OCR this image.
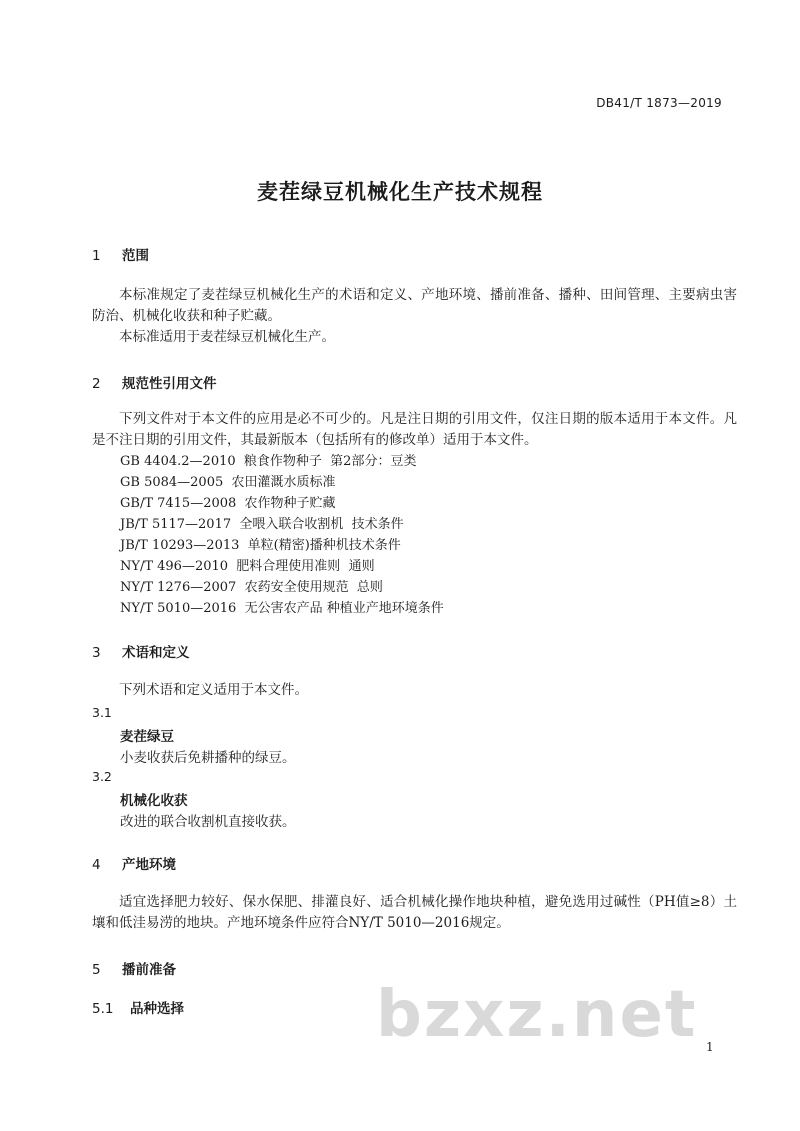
DB41/T 1873—2019
麦茬绿豆机械化生产技术规程
1 范围
本标准规定了麦茬绿豆机械化生产的术语和定义、产地环境、播前准备、播种、田间管理、主要病虫害防治、机械化收获和种子贮藏。
本标准适用于麦茬绿豆机械化生产。
2 规范性引用文件
下列文件对于本文件的应用是必不可少的。凡是注日期的引用文件，仅注日期的版本适用于本文件。凡是不注日期的引用文件，其最新版本（包括所有的修改单）适用于本文件。
GB 4404.2—2010  粮食作物种子  第2部分：豆类
GB 5084—2005  农田灌溉水质标准
GB/T 7415—2008  农作物种子贮藏
JB/T 5117—2017  全喂入联合收割机  技术条件
JB/T 10293—2013  单粒(精密)播种机技术条件
NY/T 496—2010  肥料合理使用准则  通则
NY/T 1276—2007  农药安全使用规范  总则
NY/T 5010—2016  无公害农产品 种植业产地环境条件
3 术语和定义
下列术语和定义适用于本文件。
3.1
麦茬绿豆
小麦收获后免耕播种的绿豆。
3.2
机械化收获
改进的联合收割机直接收获。
4 产地环境
适宜选择肥力较好、保水保肥、排灌良好、适合机械化操作地块种植，避免选用过碱性（PH值≥8）土壤和低洼易涝的地块。产地环境条件应符合NY/T 5010—2016规定。
5 播前准备
5.1 品种选择	bzxz.net 1
